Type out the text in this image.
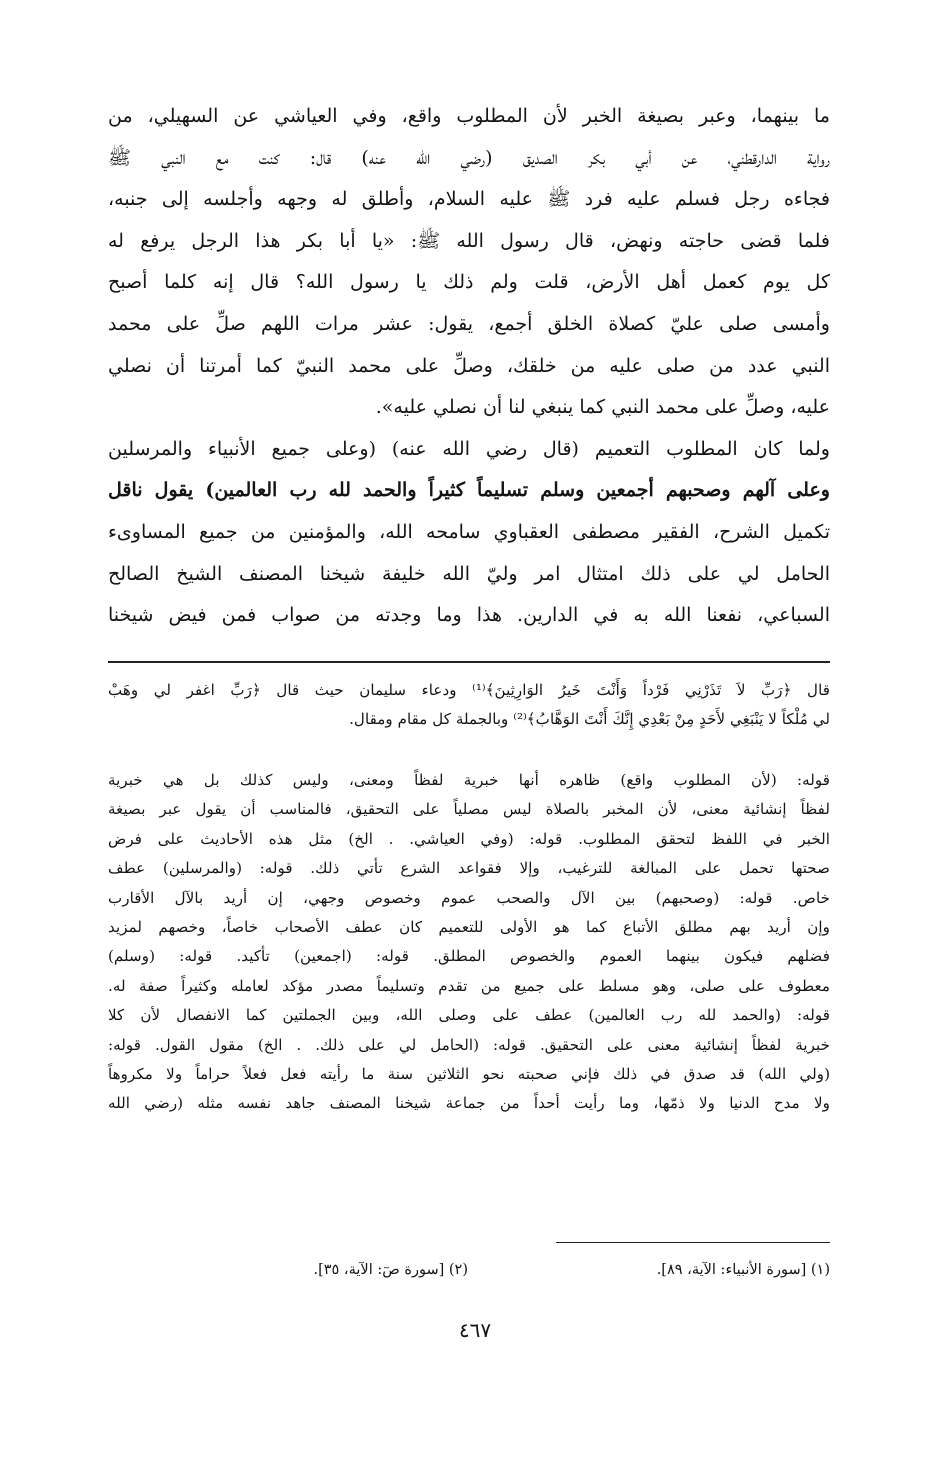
ما بينهما، وعبر بصيغة الخبر لأن المطلوب واقع، وفي العياشي عن السهيلي، من
رواية الدارقطني، عن أبي بكر الصديق (رضي الله عنه) قال: كنت مع النبي ﷺ
فجاءه رجل فسلم عليه فرد ﷺ عليه السلام، وأطلق له وجهه وأجلسه إلى جنبه،
فلما قضى حاجته ونهض، قال رسول الله ﷺ: «يا أبا بكر هذا الرجل يرفع له
كل يوم كعمل أهل الأرض، قلت ولم ذلك يا رسول الله؟ قال إنه كلما أصبح
وأمسى صلى عليّ كصلاة الخلق أجمع، يقول: عشر مرات اللهم صلِّ على محمد
النبي عدد من صلى عليه من خلقك، وصلِّ على محمد النبيّ كما أمرتنا أن نصلي
عليه، وصلِّ على محمد النبي كما ينبغي لنا أن نصلي عليه».
ولما كان المطلوب التعميم (قال رضي الله عنه) (وعلى جميع الأنبياء والمرسلين
وعلى آلهم وصحبهم أجمعين وسلم تسليماً كثيراً والحمد لله رب العالمين) يقول ناقل
تكميل الشرح، الفقير مصطفى العقباوي سامحه الله، والمؤمنين من جميع المساوىء
الحامل لي على ذلك امتثال امر وليّ الله خليفة شيخنا المصنف الشيخ الصالح
السباعي، نفعنا الله به في الدارين. هذا وما وجدته من صواب فمن فيض شيخنا
قال ﴿رَبِّ لاَ تَذَرْنِي فَرْداً وَأَنْتَ خَيرُ الوَارِثِينَ﴾⁽¹⁾ ودعاء سليمان حيث قال ﴿رَبِّ اغفر لي وهَبْ
لي مُلْكاً لا يَنْبَغِي لأَحَدٍ مِنْ بَعْدِي إِنَّكَ أَنْتَ الوَهَّابُ﴾⁽²⁾ وبالجملة كل مقام ومقال.
قوله: (لأن المطلوب واقع) ظاهره أنها خبرية لفظاً ومعنى، وليس كذلك بل هي خبرية
لفظاً إنشائية معنى، لأن المخبر بالصلاة ليس مصلياً على التحقيق، فالمناسب أن يقول عبر بصيغة
الخبر في اللفظ لتحقق المطلوب. قوله: (وفي العياشي. . الخ) مثل هذه الأحاديث على فرض
صحتها تحمل على المبالغة للترغيب، وإلا فقواعد الشرع تأتي ذلك. قوله: (والمرسلين) عطف
خاص. قوله: (وصحبهم) بين الآل والصحب عموم وخصوص وجهي، إن أريد بالآل الأقارب
وإن أريد بهم مطلق الأتباع كما هو الأولى للتعميم كان عطف الأصحاب خاصاً، وخصهم لمزيد
فضلهم فيكون بينهما العموم والخصوص المطلق. قوله: (اجمعين) تأكيد. قوله: (وسلم)
معطوف على صلى، وهو مسلط على جميع من تقدم وتسليماً مصدر مؤكد لعامله وكثيراً صفة له.
قوله: (والحمد لله رب العالمين) عطف على وصلى الله، وبين الجملتين كما الانفصال لأن كلا
خبرية لفظاً إنشائية معنى على التحقيق. قوله: (الحامل لي على ذلك. . الخ) مقول القول. قوله:
(ولي الله) قد صدق في ذلك فإني صحبته نحو الثلاثين سنة ما رأيته فعل فعلاً حراماً ولا مكروهاً
ولا مدح الدنيا ولا ذمّها، وما رأيت أحداً من جماعة شيخنا المصنف جاهد نفسه مثله (رضي الله
(١) [سورة الأنبياء: الآية، ٨٩].
(٢) [سورة صٓ: الآية، ٣٥].
٤٦٧
